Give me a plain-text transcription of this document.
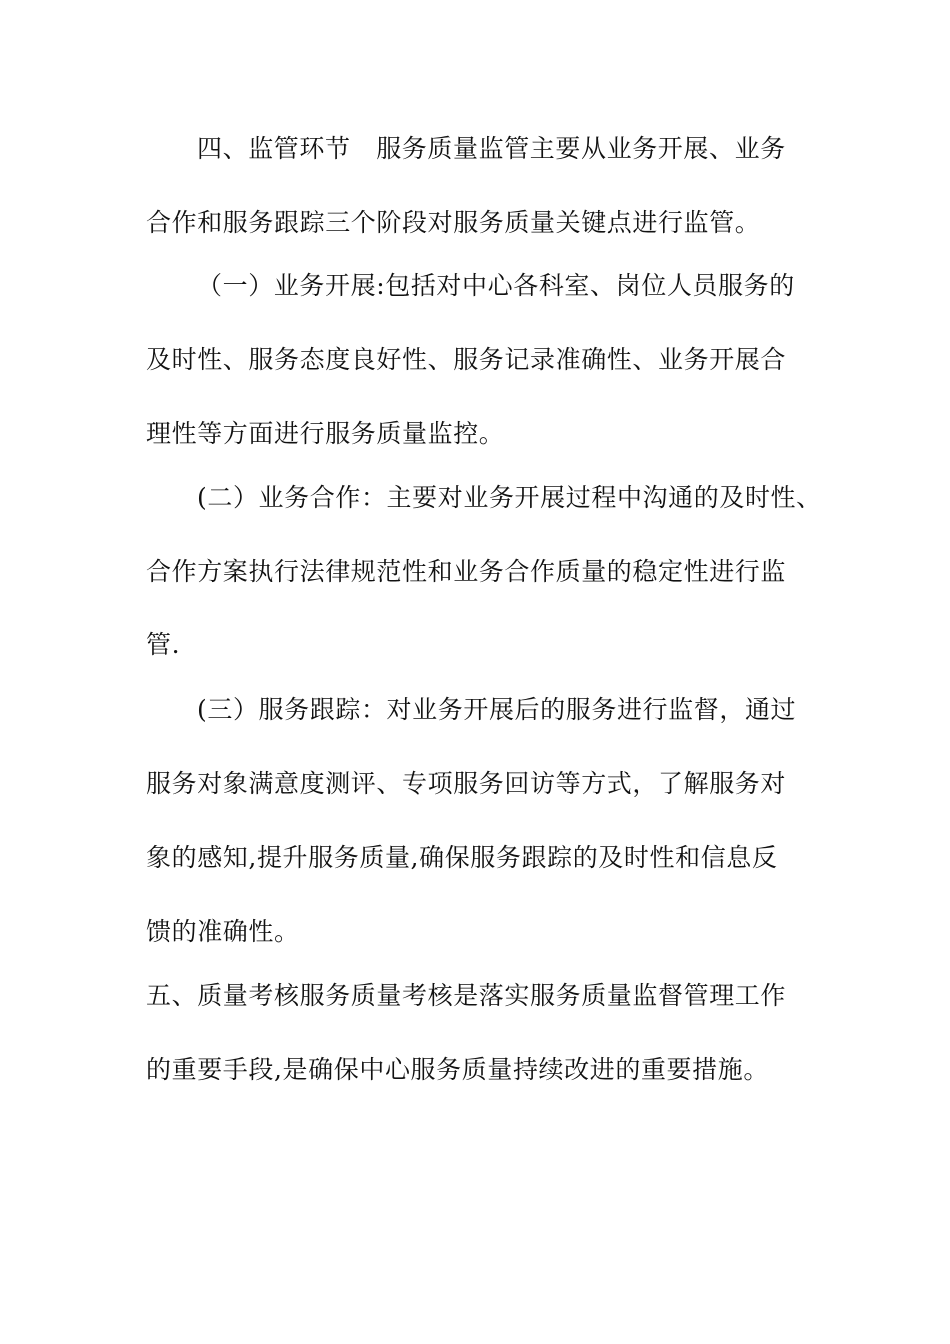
四、监管环节　服务质量监管主要从业务开展、业务
合作和服务跟踪三个阶段对服务质量关键点进行监管。
（一）业务开展:包括对中心各科室、岗位人员服务的
及时性、服务态度良好性、服务记录准确性、业务开展合
理性等方面进行服务质量监控。
(二）业务合作：主要对业务开展过程中沟通的及时性、
合作方案执行法律规范性和业务合作质量的稳定性进行监
管.
(三）服务跟踪：对业务开展后的服务进行监督，通过
服务对象满意度测评、专项服务回访等方式，了解服务对
象的感知,提升服务质量,确保服务跟踪的及时性和信息反
馈的准确性。
五、质量考核服务质量考核是落实服务质量监督管理工作
的重要手段,是确保中心服务质量持续改进的重要措施。
